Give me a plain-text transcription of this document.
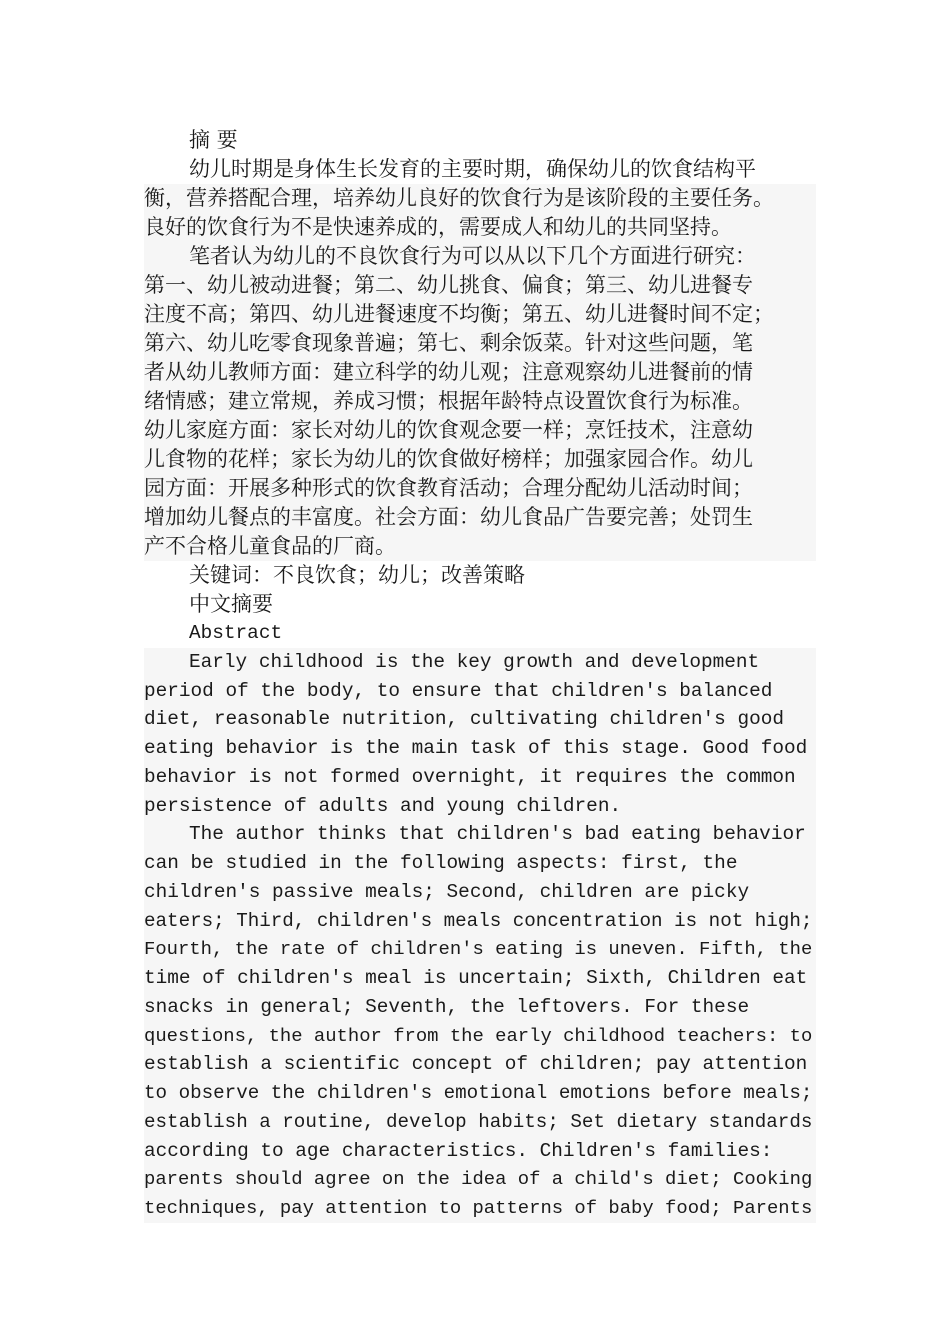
摘 要
幼儿时期是身体生长发育的主要时期，确保幼儿的饮食结构平
衡，营养搭配合理，培养幼儿良好的饮食行为是该阶段的主要任务。
良好的饮食行为不是快速养成的，需要成人和幼儿的共同坚持。
笔者认为幼儿的不良饮食行为可以从以下几个方面进行研究：
第一、幼儿被动进餐；第二、幼儿挑食、偏食；第三、幼儿进餐专
注度不高；第四、幼儿进餐速度不均衡；第五、幼儿进餐时间不定；
第六、幼儿吃零食现象普遍；第七、剩余饭菜。针对这些问题，笔
者从幼儿教师方面：建立科学的幼儿观；注意观察幼儿进餐前的情
绪情感；建立常规，养成习惯；根据年龄特点设置饮食行为标准。
幼儿家庭方面：家长对幼儿的饮食观念要一样；烹饪技术，注意幼
儿食物的花样；家长为幼儿的饮食做好榜样；加强家园合作。幼儿
园方面：开展多种形式的饮食教育活动；合理分配幼儿活动时间；
增加幼儿餐点的丰富度。社会方面：幼儿食品广告要完善；处罚生
产不合格儿童食品的厂商。
关键词：不良饮食；幼儿；改善策略
中文摘要
Abstract
Early childhood is the key growth and development
period of the body, to ensure that children's balanced
diet, reasonable nutrition, cultivating children's good
eating behavior is the main task of this stage. Good food
behavior is not formed overnight, it requires the common
persistence of adults and young children.
The author thinks that children's bad eating behavior
can be studied in the following aspects: first, the
children's passive meals; Second, children are picky
eaters; Third, children's meals concentration is not high;
Fourth, the rate of children's eating is uneven. Fifth, the
time of children's meal is uncertain; Sixth, Children eat
snacks in general; Seventh, the leftovers. For these
questions, the author from the early childhood teachers: to
establish a scientific concept of children; pay attention
to observe the children's emotional emotions before meals;
establish a routine, develop habits; Set dietary standards
according to age characteristics. Children's families:
parents should agree on the idea of a child's diet; Cooking
techniques, pay attention to patterns of baby food; Parents
